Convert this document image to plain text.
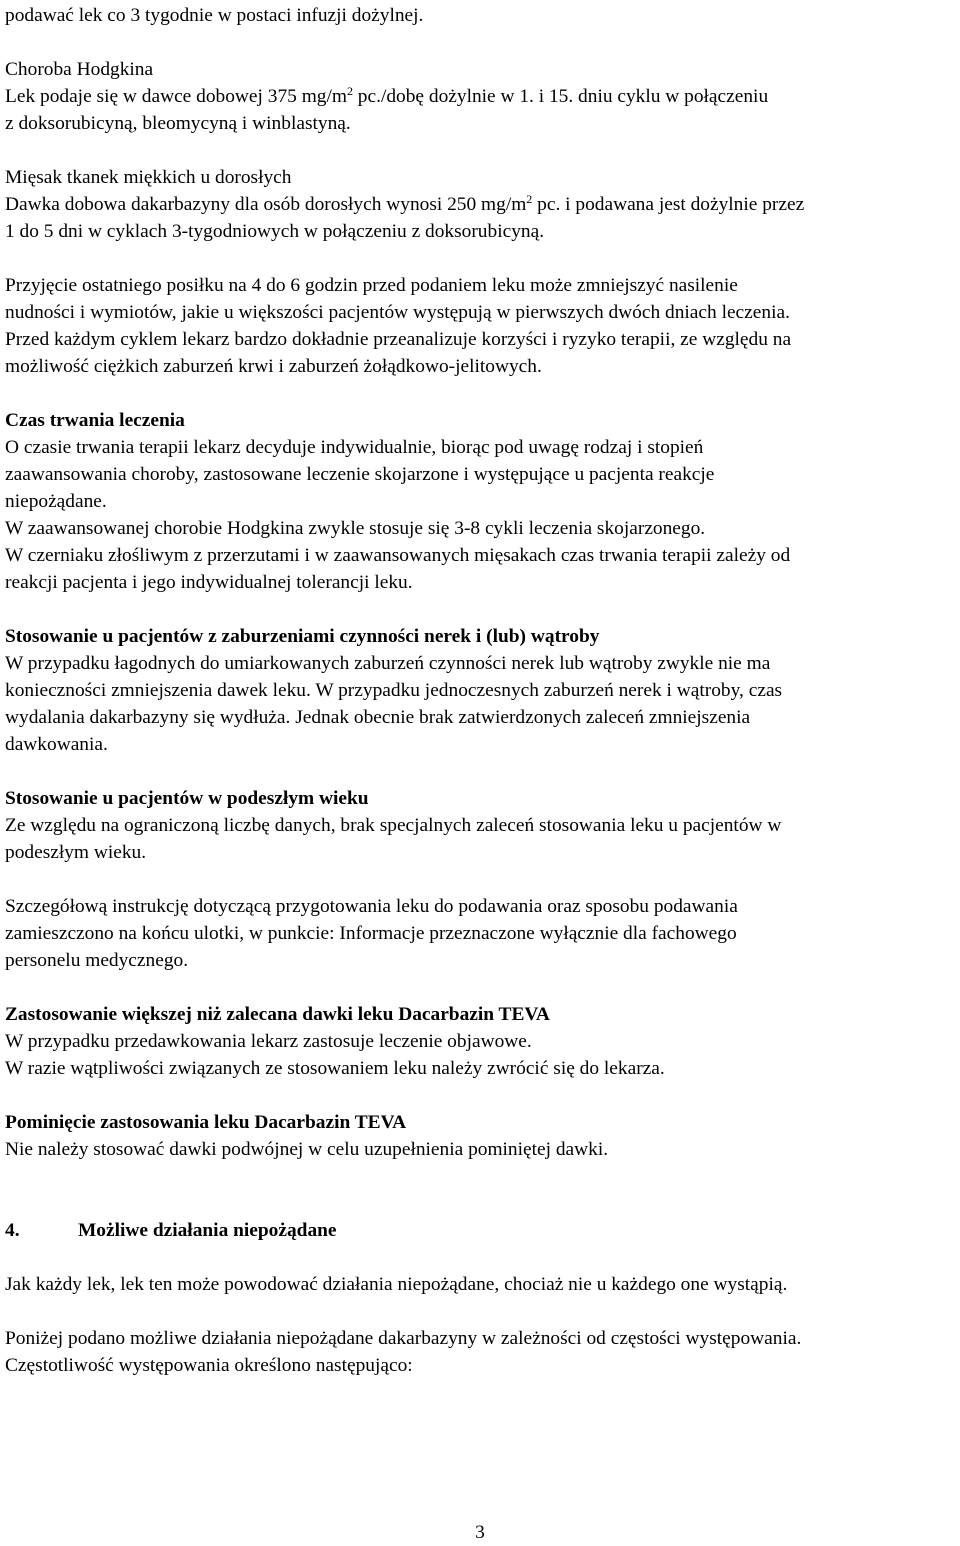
podawać lek co 3 tygodnie w postaci infuzji dożylnej.

Choroba Hodgkina

Lek podaje się w dawce dobowej 375 $mg/m^2$ pc./dobę dożylnie w 1. i 15. dniu cyklu w połączeniu

z doksorubicyną, bleomycyną i winblastyną.

Mięsak tkanek miękkich u dorosłych

Dawka dobowa dakarbazyny dla osób dorosłych wynosi 250 $mg/m^2$ pc. i podawana jest dożylnie przez

1 do 5 dni w cyklach 3-tygodniowych w połączeniu z doksorubicyną.

Przyjęcie ostatniego posiłku na 4 do 6 godzin przed podaniem leku może zmniejszyć nasilenie

nudności i wymiotów, jakie u większości pacjentów występują w pierwszych dwóch dniach leczenia.

Przed każdym cyklem lekarz bardzo dokładnie przeanalizuje korzyści i ryzyko terapii, ze względu na

możliwość ciężkich zaburzeń krwi i zaburzeń żołądkowo-jelitowych.

Czas trwania leczenia

O czasie trwania terapii lekarz decyduje indywidualnie, biorąc pod uwagę rodzaj i stopień

zaawansowania choroby, zastosowane leczenie skojarzone i występujące u pacjenta reakcje

niepożądane.

W zaawansowanej chorobie Hodgkina zwykle stosuje się 3-8 cykli leczenia skojarzonego.

W czerniaku złośliwym z przerzutami i w zaawansowanych mięsakach czas trwania terapii zależy od

reakcji pacjenta i jego indywidualnej tolerancji leku.

Stosowanie u pacjentów z zaburzeniami czynności nerek i (lub) wątroby

W przypadku łagodnych do umiarkowanych zaburzeń czynności nerek lub wątroby zwykle nie ma

konieczności zmniejszenia dawek leku. W przypadku jednoczesnych zaburzeń nerek i wątroby, czas

wydalania dakarbazyny się wydłuża. Jednak obecnie brak zatwierdzonych zaleceń zmniejszenia

dawkowania.

Stosowanie u pacjentów w podeszłym wieku

Ze względu na ograniczoną liczbę danych, brak specjalnych zaleceń stosowania leku u pacjentów w

podeszłym wieku.

Szczegółową instrukcję dotyczącą przygotowania leku do podawania oraz sposobu podawania

zamieszczono na końcu ulotki, w punkcie: Informacje przeznaczone wyłącznie dla fachowego

personelu medycznego.

Zastosowanie większej niż zalecana dawki leku Dacarbazin TEVA

W przypadku przedawkowania lekarz zastosuje leczenie objawowe.

W razie wątpliwości związanych ze stosowaniem leku należy zwrócić się do lekarza.

Pominięcie zastosowania leku Dacarbazin TEVA

Nie należy stosować dawki podwójnej w celu uzupełnienia pominiętej dawki.

4.	Możliwe działania niepożądane

Jak każdy lek, lek ten może powodować działania niepożądane, chociaż nie u każdego one wystąpią.

Poniżej podano możliwe działania niepożądane dakarbazyny w zależności od częstości występowania.

Częstotliwość występowania określono następująco:

3
